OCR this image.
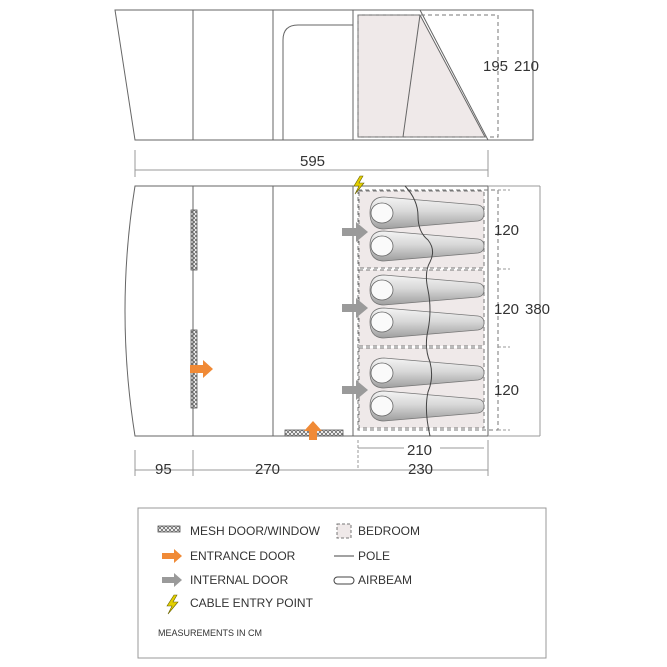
195 210
595
120
120 380
120
210
95	270	230
MESH DOOR/WINDOW
ENTRANCE DOOR
INTERNAL DOOR
CABLE ENTRY POINT
BEDROOM
POLE
AIRBEAM
MEASUREMENTS IN CM
